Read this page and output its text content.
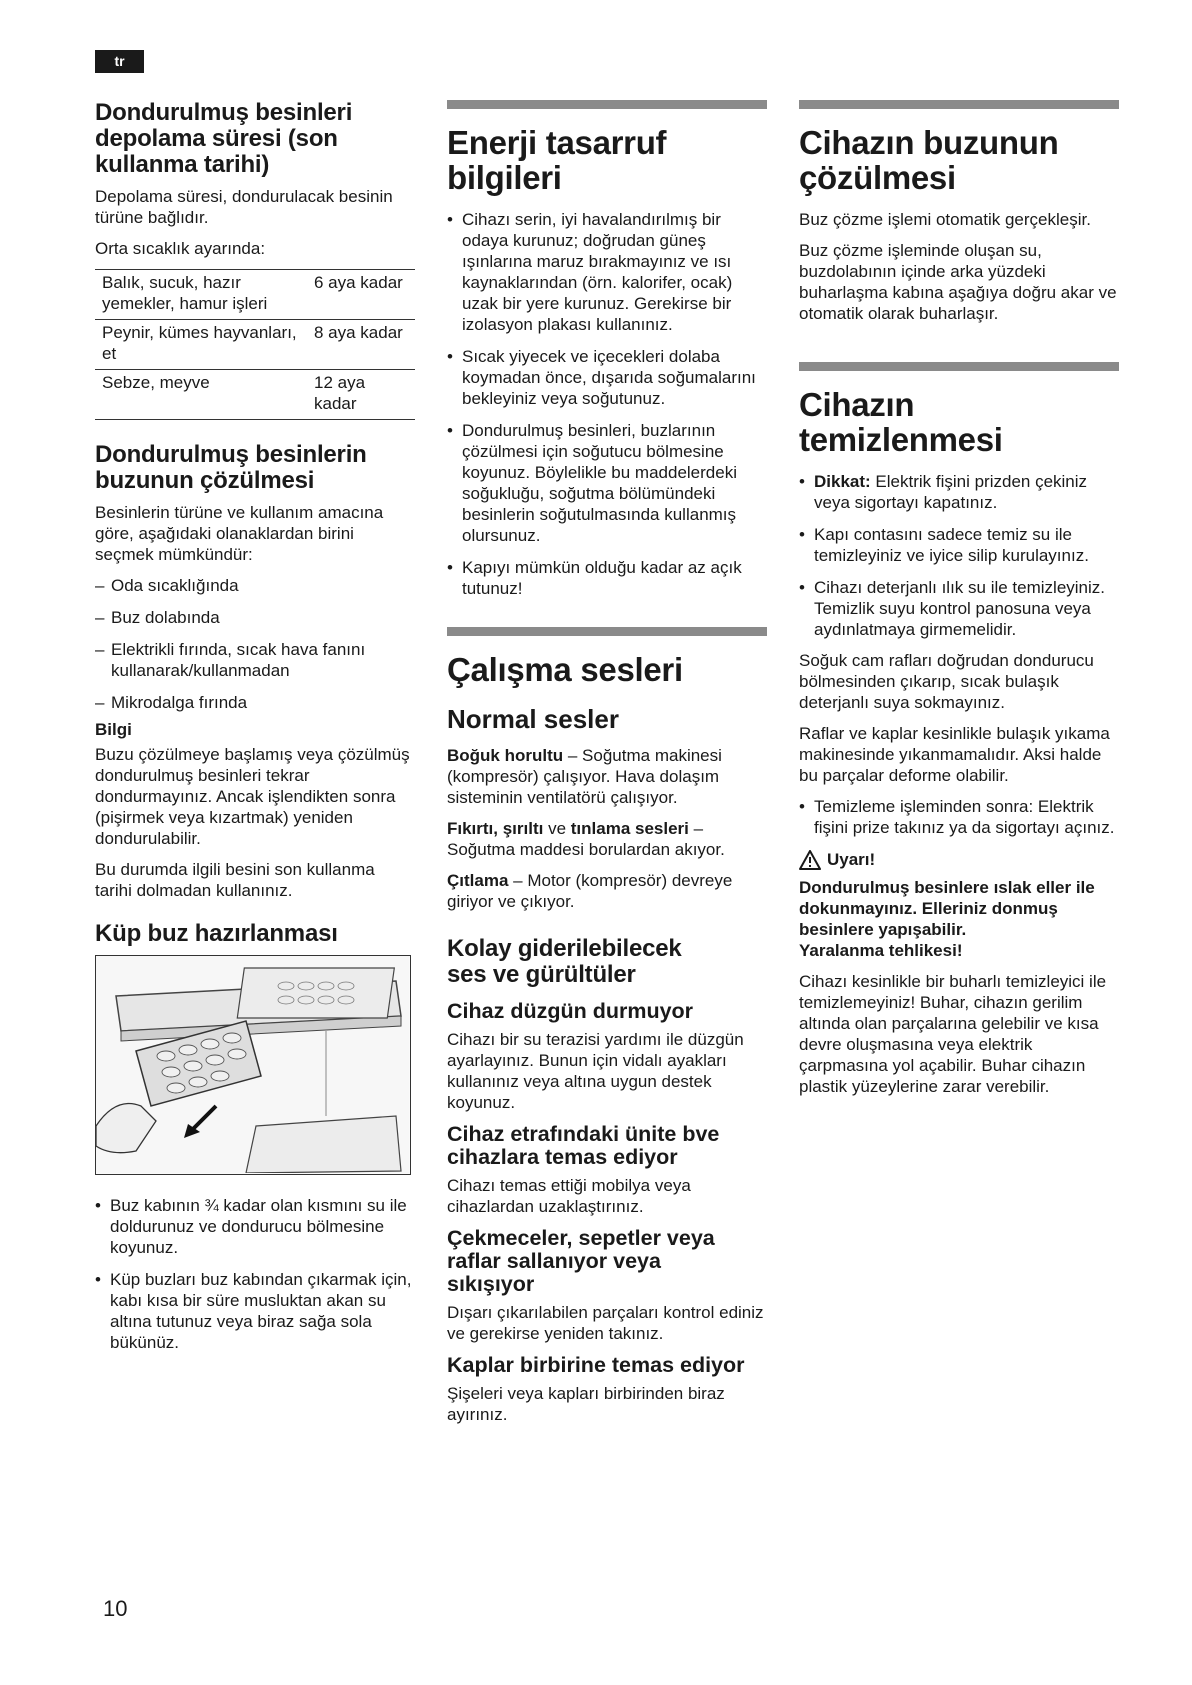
tr
Dondurulmuş besinleri depolama süresi (son kullanma tarihi)

Depolama süresi, dondurulacak besinin türüne bağlıdır.

Orta sıcaklık ayarında:

Balık, sucuk, hazır yemekler, hamur işleri	6 aya kadar
Peynir, kümes hayvanları, et	8 aya kadar
Sebze, meyve	12 aya kadar
Dondurulmuş besinlerin buzunun çözülmesi

Besinlerin türüne ve kullanım amacına göre, aşağıdaki olanaklardan birini seçmek mümkündür:

– Oda sıcaklığında
– Buz dolabında
– Elektrikli fırında, sıcak hava fanını kullanarak/kullanmadan
– Mikrodalga fırında

Bilgi

Buzu çözülmeye başlamış veya çözülmüş dondurulmuş besinleri tekrar dondurmayınız. Ancak işlendikten sonra (pişirmek veya kızartmak) yeniden dondurulabilir.

Bu durumda ilgili besini son kullanma tarihi dolmadan kullanınız.

Küp buz hazırlanması
• Buz kabının ¾ kadar olan kısmını su ile doldurunuz ve dondurucu bölmesine koyunuz.
• Küp buzları buz kabından çıkarmak için, kabı kısa bir süre musluktan akan su altına tutunuz veya biraz sağa sola bükünüz.
Enerji tasarruf bilgileri
• Cihazı serin, iyi havalandırılmış bir odaya kurunuz; doğrudan güneş ışınlarına maruz bırakmayınız ve ısı kaynaklarından (örn. kalorifer, ocak) uzak bir yere kurunuz. Gerekirse bir izolasyon plakası kullanınız.
• Sıcak yiyecek ve içecekleri dolaba koymadan önce, dışarıda soğumalarını bekleyiniz veya soğutunuz.
• Dondurulmuş besinleri, buzlarının çözülmesi için soğutucu bölmesine koyunuz. Böylelikle bu maddelerdeki soğukluğu, soğutma bölümündeki besinlerin soğutulmasında kullanmış olursunuz.
• Kapıyı mümkün olduğu kadar az açık tutunuz!
Çalışma sesleri
Normal sesler

Boğuk horultu – Soğutma makinesi (kompresör) çalışıyor. Hava dolaşım sisteminin ventilatörü çalışıyor.

Fıkırtı, şırıltı ve tınlama sesleri – Soğutma maddesi borulardan akıyor.

Çıtlama – Motor (kompresör) devreye giriyor ve çıkıyor.

Kolay giderilebilecek ses ve gürültüler
Cihaz düzgün durmuyor

Cihazı bir su terazisi yardımı ile düzgün ayarlayınız. Bunun için vidalı ayakları kullanınız veya altına uygun destek koyunuz.

Cihaz etrafındaki ünite bve cihazlara temas ediyor

Cihazı temas ettiği mobilya veya cihazlardan uzaklaştırınız.

Çekmeceler, sepetler veya raflar sallanıyor veya sıkışıyor

Dışarı çıkarılabilen parçaları kontrol ediniz ve gerekirse yeniden takınız.

Kaplar birbirine temas ediyor

Şişeleri veya kapları birbirinden biraz ayırınız.

Cihazın buzunun çözülmesi

Buz çözme işlemi otomatik gerçekleşir.

Buz çözme işleminde oluşan su, buzdolabının içinde arka yüzdeki buharlaşma kabına aşağıya doğru akar ve otomatik olarak buharlaşır.

Cihazın temizlenmesi
• Dikkat: Elektrik fişini prizden çekiniz veya sigortayı kapatınız.
• Kapı contasını sadece temiz su ile temizleyiniz ve iyice silip kurulayınız.
• Cihazı deterjanlı ılık su ile temizleyiniz. Temizlik suyu kontrol panosuna veya aydınlatmaya girmemelidir.

Soğuk cam rafları doğrudan dondurucu bölmesinden çıkarıp, sıcak bulaşık deterjanlı suya sokmayınız.

Raflar ve kaplar kesinlikle bulaşık yıkama makinesinde yıkanmamalıdır. Aksi halde bu parçalar deforme olabilir.

• Temizleme işleminden sonra: Elektrik fişini prize takınız ya da sigortayı açınız.
Uyarı!

Dondurulmuş besinlere ıslak eller ile dokunmayınız. Elleriniz donmuş besinlere yapışabilir.

Yaralanma tehlikesi!

Cihazı kesinlikle bir buharlı temizleyici ile temizlemeyiniz! Buhar, cihazın gerilim altında olan parçalarına gelebilir ve kısa devre oluşmasına veya elektrik çarpmasına yol açabilir. Buhar cihazın plastik yüzeylerine zarar verebilir.

10
